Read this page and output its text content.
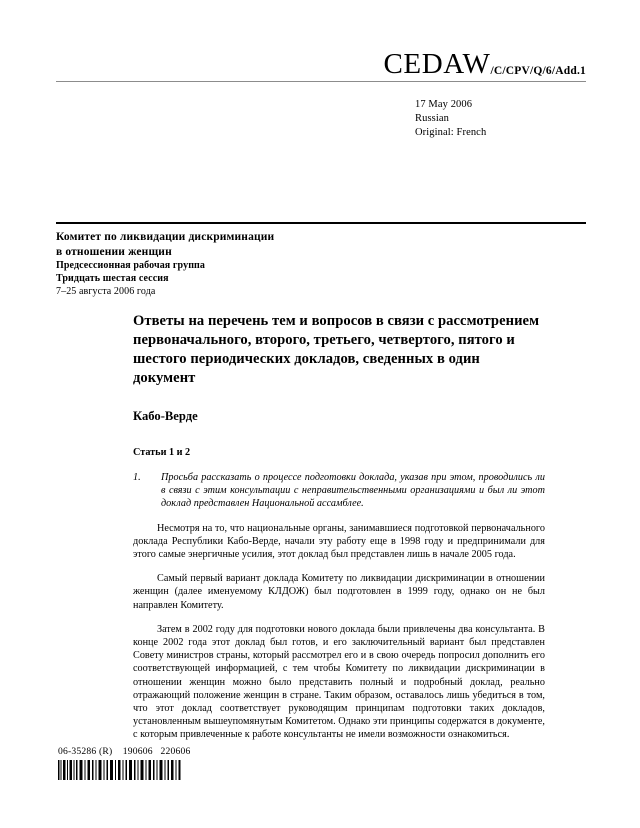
CEDAW/C/CPV/Q/6/Add.1
17 May 2006
Russian
Original: French
Комитет по ликвидации дискриминации
в отношении женщин
Предсессионная рабочая группа
Тридцать шестая сессия
7–25 августа 2006 года
Ответы на перечень тем и вопросов в связи с рассмотрением первоначального, второго, третьего, четвертого, пятого и шестого периодических докладов, сведенных в один документ
Кабо-Верде
Статьи 1 и 2
1.	Просьба рассказать о процессе подготовки доклада, указав при этом, проводились ли в связи с этим консультации с неправительственными организациями и был ли этот доклад представлен Национальной ассамблее.

Несмотря на то, что национальные органы, занимавшиеся подготовкой первоначального доклада Республики Кабо-Верде, начали эту работу еще в 1998 году и предпринимали для этого самые энергичные усилия, этот доклад был представлен лишь в начале 2005 года.

Самый первый вариант доклада Комитету по ликвидации дискриминации в отношении женщин (далее именуемому КЛДОЖ) был подготовлен в 1999 году, однако он не был направлен Комитету.

Затем в 2002 году для подготовки нового доклада были привлечены два консультанта. В конце 2002 года этот доклад был готов, и его заключительный вариант был представлен Совету министров страны, который рассмотрел его и в свою очередь попросил дополнить его соответствующей информацией, с тем чтобы Комитету по ликвидации дискриминации в отношении женщин можно было представить полный и подробный доклад, реально отражающий положение женщин в стране. Таким образом, оставалось лишь убедиться в том, что этот доклад соответствует руководящим принципам подготовки таких докладов, установленным вышеупомянутым Комитетом. Однако эти принципы содержатся в документе, с которым привлеченные к работе консультанты не имели возможности ознакомиться.

06-35286 (R)    190606   220606
